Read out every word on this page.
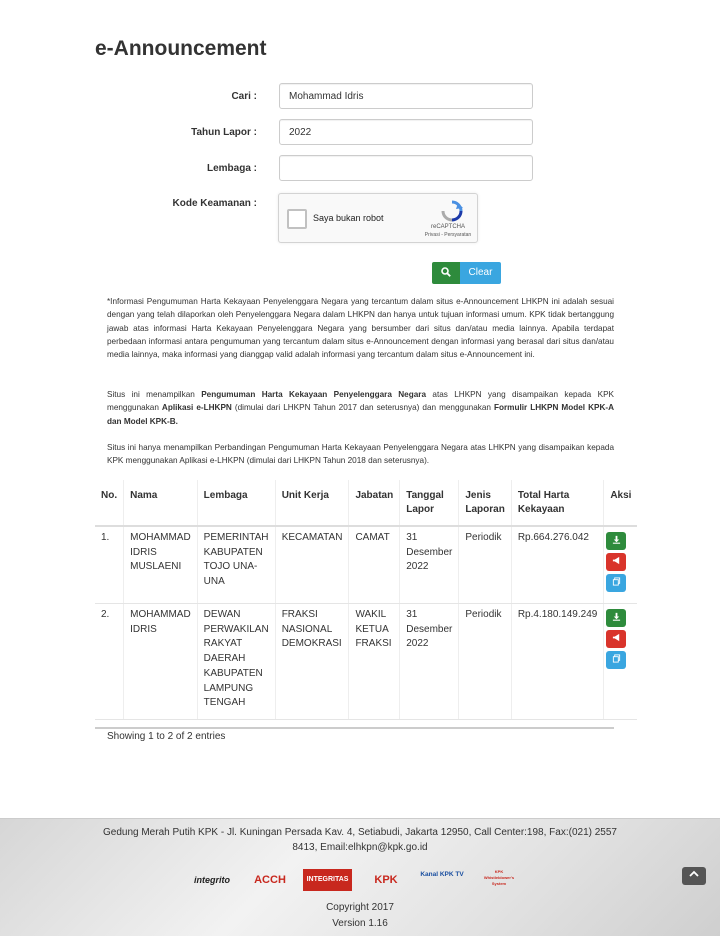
e-Announcement
Cari :
Mohammad Idris
Tahun Lapor :
2022
Lembaga :
Kode Keamanan :
Saya bukan robot
reCAPTCHA
Privasi - Persyaratan
Clear
*Informasi Pengumuman Harta Kekayaan Penyelenggara Negara yang tercantum dalam situs e-Announcement LHKPN ini adalah sesuai dengan yang telah dilaporkan oleh Penyelenggara Negara dalam LHKPN dan hanya untuk tujuan informasi umum. KPK tidak bertanggung jawab atas informasi Harta Kekayaan Penyelenggara Negara yang bersumber dari situs dan/atau media lainnya. Apabila terdapat perbedaan informasi antara pengumuman yang tercantum dalam situs e-Announcement dengan informasi yang berasal dari situs dan/atau media lainnya, maka informasi yang dianggap valid adalah informasi yang tercantum dalam situs e-Announcement ini.
Situs ini menampilkan Pengumuman Harta Kekayaan Penyelenggara Negara atas LHKPN yang disampaikan kepada KPK menggunakan Aplikasi e-LHKPN (dimulai dari LHKPN Tahun 2017 dan seterusnya) dan menggunakan Formulir LHKPN Model KPK-A dan Model KPK-B.
Situs ini hanya menampilkan Perbandingan Pengumuman Harta Kekayaan Penyelenggara Negara atas LHKPN yang disampaikan kepada KPK menggunakan Aplikasi e-LHKPN (dimulai dari LHKPN Tahun 2018 dan seterusnya).
No.	Nama	Lembaga	Unit Kerja	Jabatan	Tanggal Lapor	Jenis Laporan	Total Harta Kekayaan	Aksi
1.	MOHAMMAD IDRIS MUSLAENI	PEMERINTAH KABUPATEN TOJO UNA-UNA	KECAMATAN	CAMAT	31 Desember 2022	Periodik	Rp.664.276.042	

2.	MOHAMMAD IDRIS	DEWAN PERWAKILAN RAKYAT DAERAH KABUPATEN LAMPUNG TENGAH	FRAKSI NASIONAL DEMOKRASI	WAKIL KETUA FRAKSI	31 Desember 2022	Periodik	Rp.4.180.149.249	
Showing 1 to 2 of 2 entries
Gedung Merah Putih KPK - Jl. Kuningan Persada Kav. 4, Setiabudi, Jakarta 12950, Call Center:198, Fax:(021) 2557 8413, Email:elhkpn@kpk.go.id
integrito	ACCH	INTEGRITAS	KPK	Kanal KPK TV	KPK Whistleblower's System
Copyright 2017
Version 1.16
